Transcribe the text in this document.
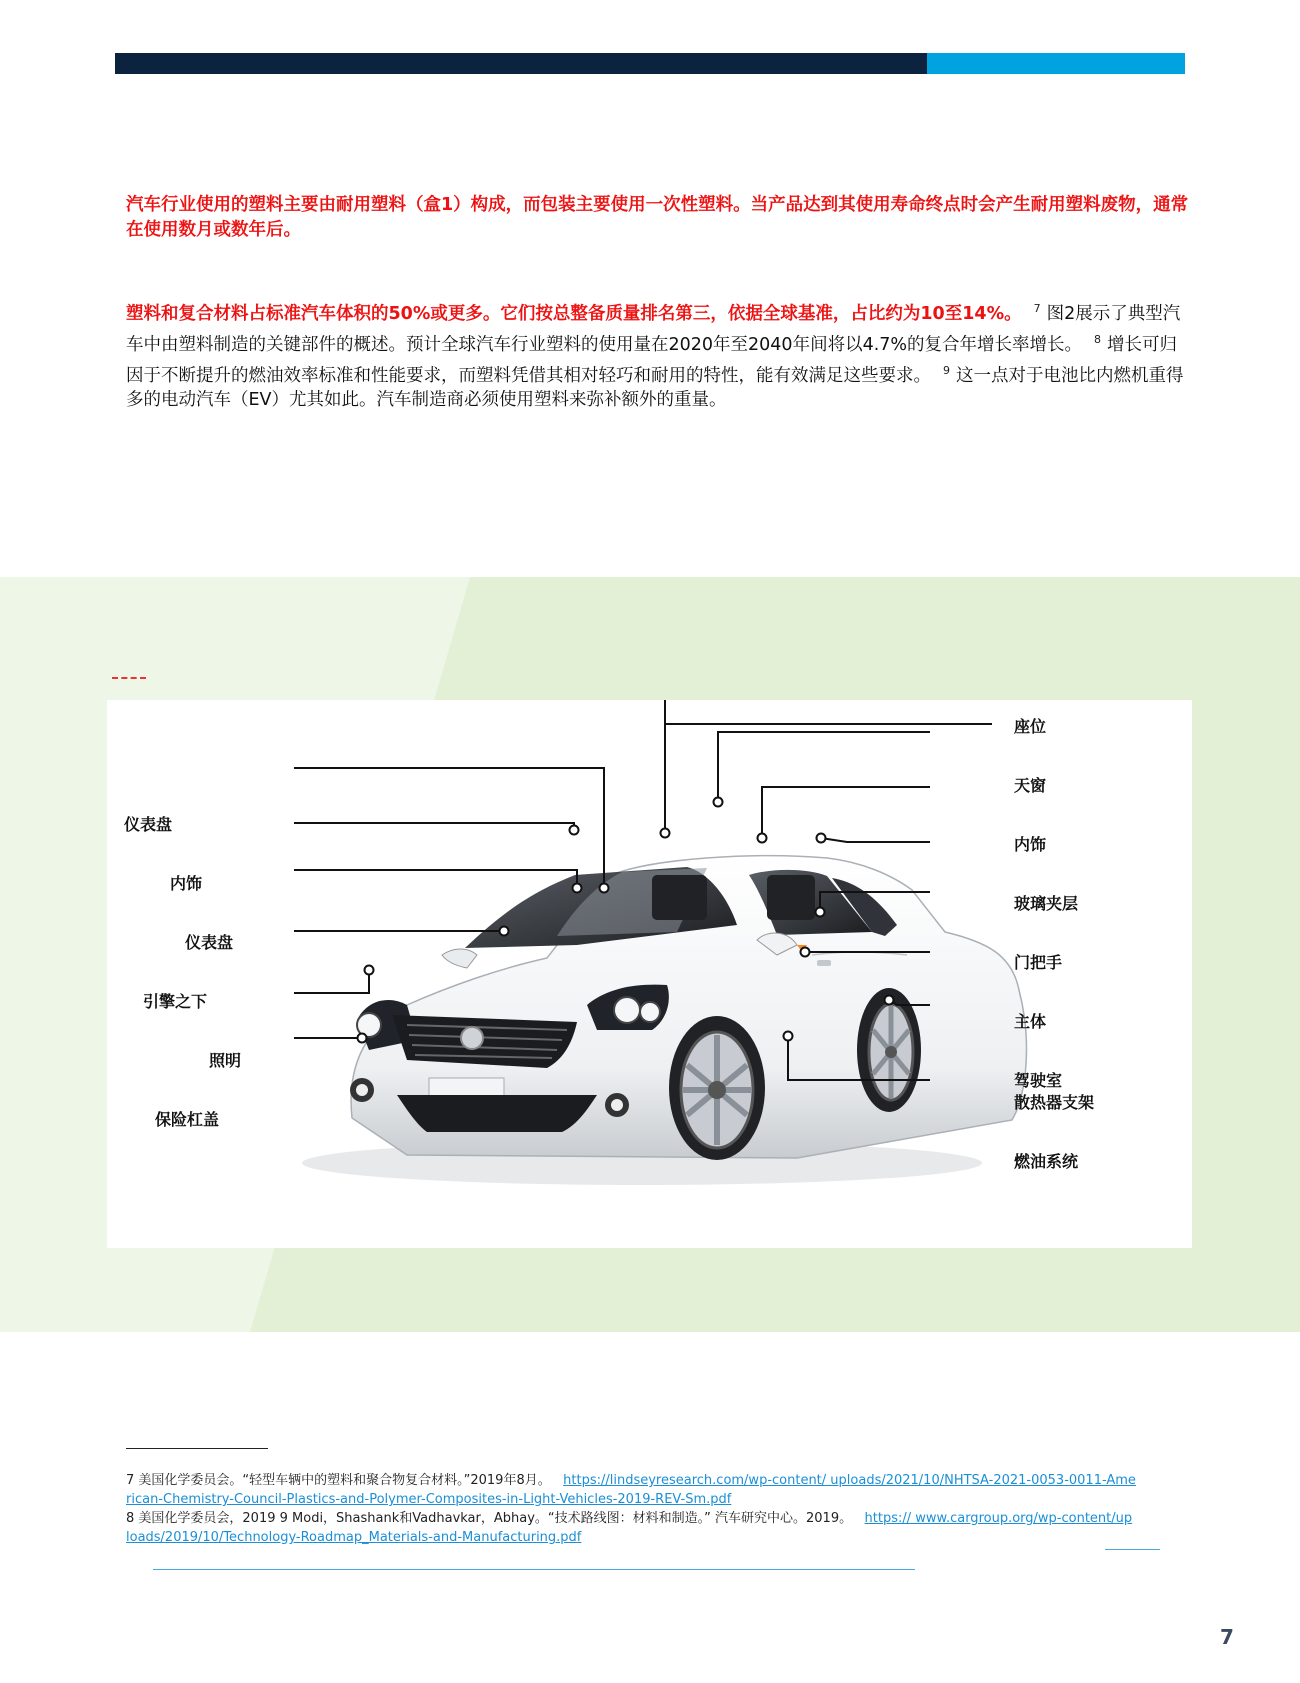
汽车行业使用的塑料主要由耐用塑料（盒1）构成，而包装主要使用一次性塑料。当产品达到其使用寿命终点时会产生耐用塑料废物，通常在使用数月或数年后。

塑料和复合材料占标准汽车体积的50%或更多。它们按总整备质量排名第三，依据全球基准，占比约为10至14%。 $^7$ 图2展示了典型汽车中由塑料制造的关键部件的概述。预计全球汽车行业塑料的使用量在2020年至2040年间将以4.7%的复合年增长率增长。 $^8$ 增长可归因于不断提升的燃油效率标准和性能要求，而塑料凭借其相对轻巧和耐用的特性，能有效满足这些要求。 $^9$ 这一点对于电池比内燃机重得多的电动汽车（EV）尤其如此。汽车制造商必须使用塑料来弥补额外的重量。

仪表盘
内饰
仪表盘
引擎之下
照明
保险杠盖
座位
天窗
内饰
玻璃夹层
门把手
主体
驾驶室
散热器支架
燃油系统

7 美国化学委员会。“轻型车辆中的塑料和聚合物复合材料。”2019年8月。 https://lindseyresearch.com/wp-content/ uploads/2021/10/NHTSA-2021-0053-0011-Ame
rican-Chemistry-Council-Plastics-and-Polymer-Composites-in-Light-Vehicles-2019-REV-Sm.pdf

8 美国化学委员会，2019 9 Modi，Shashank和Vadhavkar，Abhay。“技术路线图：材料和制造。” 汽车研究中心。2019。 https:// www.cargroup.org/wp-content/up
loads/2019/10/Technology-Roadmap_Materials-and-Manufacturing.pdf

7
